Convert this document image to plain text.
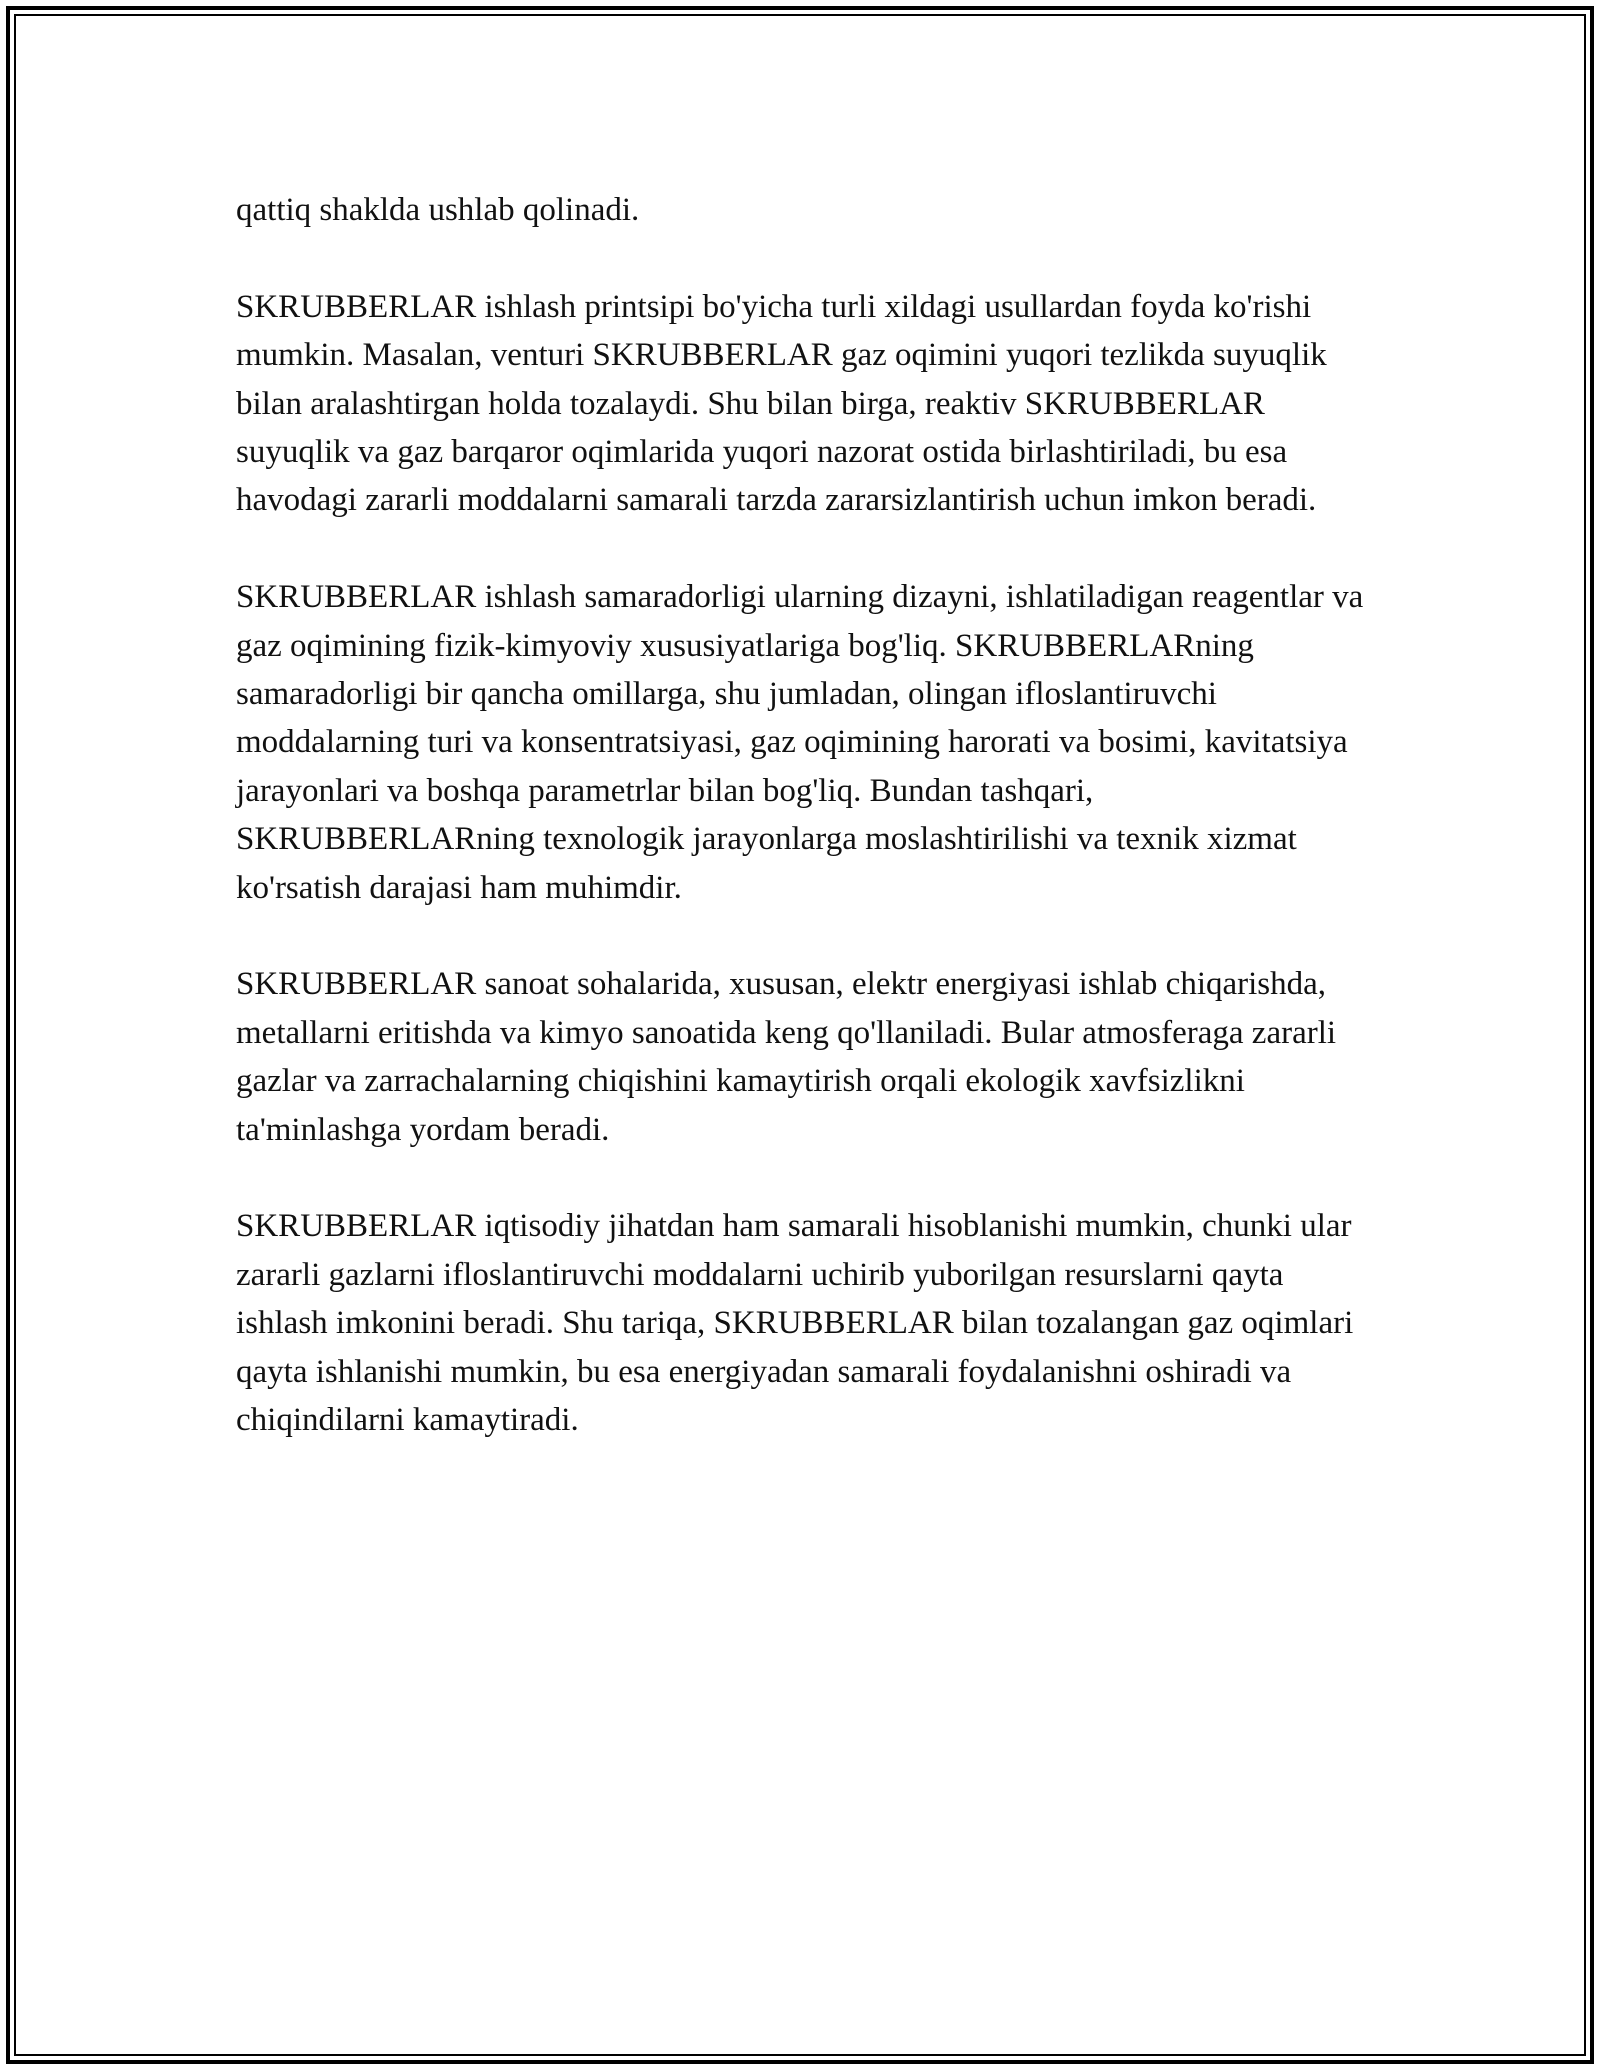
qattiq shaklda ushlab qolinadi.

SKRUBBERLAR ishlash printsipi bo'yicha turli xildagi usullardan foyda ko'rishi mumkin. Masalan, venturi SKRUBBERLAR gaz oqimini yuqori tezlikda suyuqlik bilan aralashtirgan holda tozalaydi. Shu bilan birga, reaktiv SKRUBBERLAR suyuqlik va gaz barqaror oqimlarida yuqori nazorat ostida birlashtiriladi, bu esa havodagi zararli moddalarni samarali tarzda zararsizlantirish uchun imkon beradi.

SKRUBBERLAR ishlash samaradorligi ularning dizayni, ishlatiladigan reagentlar va gaz oqimining fizik-kimyoviy xususiyatlariga bog'liq. SKRUBBERLARning samaradorligi bir qancha omillarga, shu jumladan, olingan ifloslantiruvchi moddalarning turi va konsentratsiyasi, gaz oqimining harorati va bosimi, kavitatsiya jarayonlari va boshqa parametrlar bilan bog'liq. Bundan tashqari, SKRUBBERLARning texnologik jarayonlarga moslashtirilishi va texnik xizmat ko'rsatish darajasi ham muhimdir.

SKRUBBERLAR sanoat sohalarida, xususan, elektr energiyasi ishlab chiqarishda, metallarni eritishda va kimyo sanoatida keng qo'llaniladi. Bular atmosferaga zararli gazlar va zarrachalarning chiqishini kamaytirish orqali ekologik xavfsizlikni ta'minlashga yordam beradi.

SKRUBBERLAR iqtisodiy jihatdan ham samarali hisoblanishi mumkin, chunki ular zararli gazlarni ifloslantiruvchi moddalarni uchirib yuborilgan resurslarni qayta ishlash imkonini beradi. Shu tariqa, SKRUBBERLAR bilan tozalangan gaz oqimlari qayta ishlanishi mumkin, bu esa energiyadan samarali foydalanishni oshiradi va chiqindilarni kamaytiradi.
